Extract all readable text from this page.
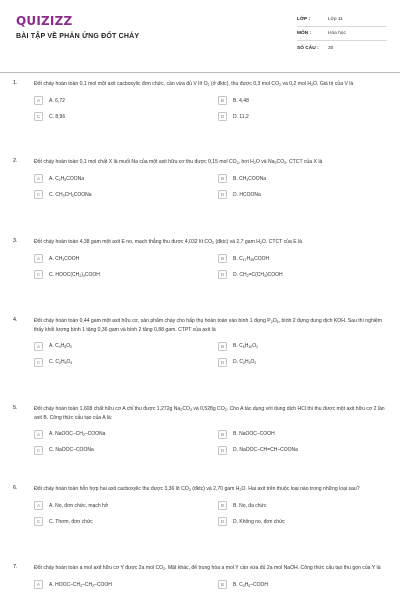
QUIZIZZ
BÀI TẬP VỀ PHẢN ỨNG ĐỐT CHÁY
LỚP :	Lớp 11
MÔN :	Hóa học
SỐ CÂU :	30
1.	Đốt cháy hoàn toàn 0,1 mol một axit cacboxylic đơn chức, cần vừa đủ V lít $O_2$ (ở đktc), thu được 0,3 mol $CO_2$ và 0,2 mol $H_2O$. Giá trị của V là
A	A. 6,72	B	B. 4,48
C	C. 8,96	D	D. 11,2
2.	Đốt cháy hoàn toàn 0,1 mol chất X là muối Na của một axit hữu cơ thu được 0,15 mol $CO_2$, hơi $H_2O$ và $Na_2CO_3$. CTCT của X là
A	A. $C_2H_5COONa$	B	B. $CH_3COONa$
C	C. $CH_3CH_2COONa$	D	D. HCOONa
3.	Đốt cháy hoàn toàn 4,38 gam một axit E no, mạch thẳng thu được 4,032 lít $CO_2$ (đktc) và 2,7 gam $H_2O$. CTCT của E là
A	A. $CH_3COOH$	B	B. $C_{17}H_{35}COOH$
C	C. $HOOC(CH_2)_4COOH$	D	D. $CH_2=C(CH_3)COOH$
4.	Đốt cháy hoàn toàn 0,44 gam một axit hữu cơ, sản phẩm cháy cho hấp thụ hoàn toàn vào bình 1 đựng $P_2O_5$, bình 2 đựng dung dịch KOH. Sau thí nghiệm thấy khối lượng bình 1 tăng 0,36 gam và bình 2 tăng 0,88 gam. CTPT của axit là
A	A. $C_4H_8O_2$	B	B. $C_5H_{10}O_2$
C	C. $C_2H_6O_4$	D	D. $C_2H_4O_2$
5.	Đốt cháy hoàn toàn 1,608 chất hữu cơ A chỉ thu được 1,272g $Na_2CO_3$ và 0,528g $CO_2$. Cho A tác dụng với dung dịch HCl thì thu được một axit hữu cơ 2 lần axit B. Công thức cấu tạo của A là:
A	A. NaOOC–$CH_2$–COONa	B	B. NaOOC–COOH
C	C. NaOOC–COONa	D	D. NaOOC–CH=CH–COONa
6.	Đốt cháy hoàn toàn hỗn hợp hai axit cacboxylic thu được 3,36 lít $CO_2$ (đktc) và 2,70 gam $H_2O$. Hai axit trên thuộc loại nào trong những loại sau?
A	A. No, đơn chức, mạch hở	B	B. No, đa chức
C	C. Thơm, đơn chức	D	D. Không no, đơn chức
7.	Đốt cháy hoàn toàn a mol axit hữu cơ Y được 2a mol $CO_2$. Mặt khác, để trung hòa a mol Y cần vừa đủ 2a mol NaOH. Công thức cấu tạo thu gọn của Y là
A	A. HOOC–$CH_2-CH_2$–COOH	B	B. $C_2H_5$–COOH
